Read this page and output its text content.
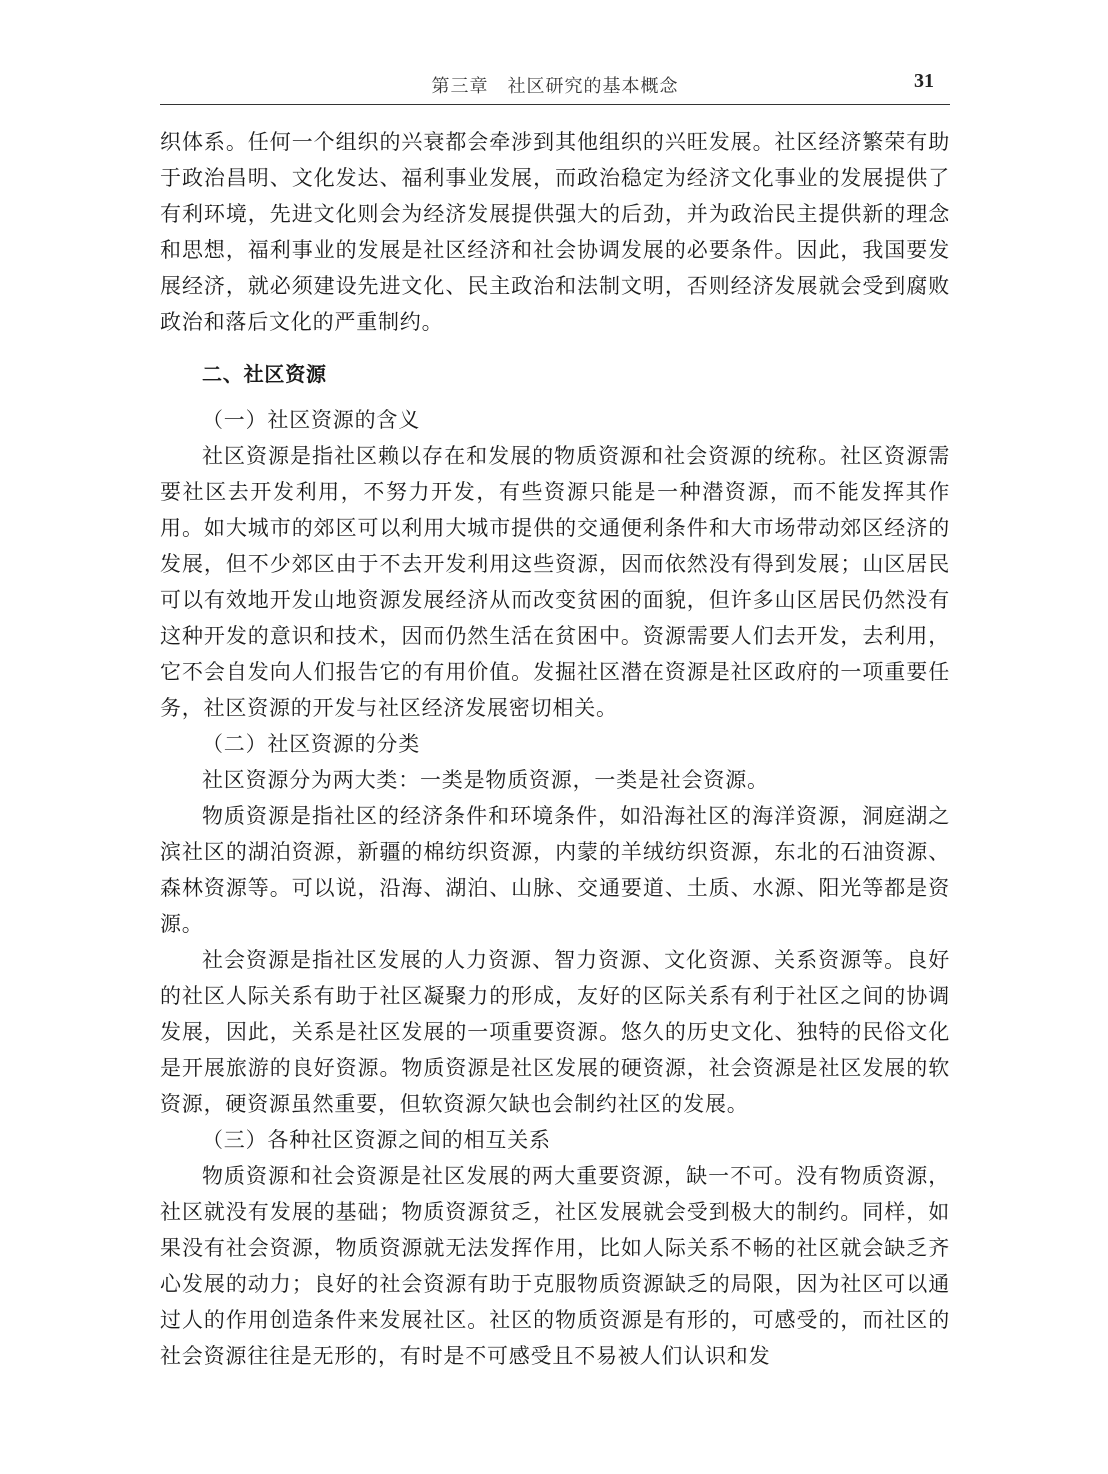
第三章　社区研究的基本概念	31

织体系。任何一个组织的兴衰都会牵涉到其他组织的兴旺发展。社区经济繁荣有助于政治昌明、文化发达、福利事业发展，而政治稳定为经济文化事业的发展提供了有利环境，先进文化则会为经济发展提供强大的后劲，并为政治民主提供新的理念和思想，福利事业的发展是社区经济和社会协调发展的必要条件。因此，我国要发展经济，就必须建设先进文化、民主政治和法制文明，否则经济发展就会受到腐败政治和落后文化的严重制约。

二、社区资源

（一）社区资源的含义

社区资源是指社区赖以存在和发展的物质资源和社会资源的统称。社区资源需要社区去开发利用，不努力开发，有些资源只能是一种潜资源，而不能发挥其作用。如大城市的郊区可以利用大城市提供的交通便利条件和大市场带动郊区经济的发展，但不少郊区由于不去开发利用这些资源，因而依然没有得到发展；山区居民可以有效地开发山地资源发展经济从而改变贫困的面貌，但许多山区居民仍然没有这种开发的意识和技术，因而仍然生活在贫困中。资源需要人们去开发，去利用，它不会自发向人们报告它的有用价值。发掘社区潜在资源是社区政府的一项重要任务，社区资源的开发与社区经济发展密切相关。

（二）社区资源的分类

社区资源分为两大类：一类是物质资源，一类是社会资源。

物质资源是指社区的经济条件和环境条件，如沿海社区的海洋资源，洞庭湖之滨社区的湖泊资源，新疆的棉纺织资源，内蒙的羊绒纺织资源，东北的石油资源、森林资源等。可以说，沿海、湖泊、山脉、交通要道、土质、水源、阳光等都是资源。

社会资源是指社区发展的人力资源、智力资源、文化资源、关系资源等。良好的社区人际关系有助于社区凝聚力的形成，友好的区际关系有利于社区之间的协调发展，因此，关系是社区发展的一项重要资源。悠久的历史文化、独特的民俗文化是开展旅游的良好资源。物质资源是社区发展的硬资源，社会资源是社区发展的软资源，硬资源虽然重要，但软资源欠缺也会制约社区的发展。

（三）各种社区资源之间的相互关系

物质资源和社会资源是社区发展的两大重要资源，缺一不可。没有物质资源，社区就没有发展的基础；物质资源贫乏，社区发展就会受到极大的制约。同样，如果没有社会资源，物质资源就无法发挥作用，比如人际关系不畅的社区就会缺乏齐心发展的动力；良好的社会资源有助于克服物质资源缺乏的局限，因为社区可以通过人的作用创造条件来发展社区。社区的物质资源是有形的，可感受的，而社区的社会资源往往是无形的，有时是不可感受且不易被人们认识和发
